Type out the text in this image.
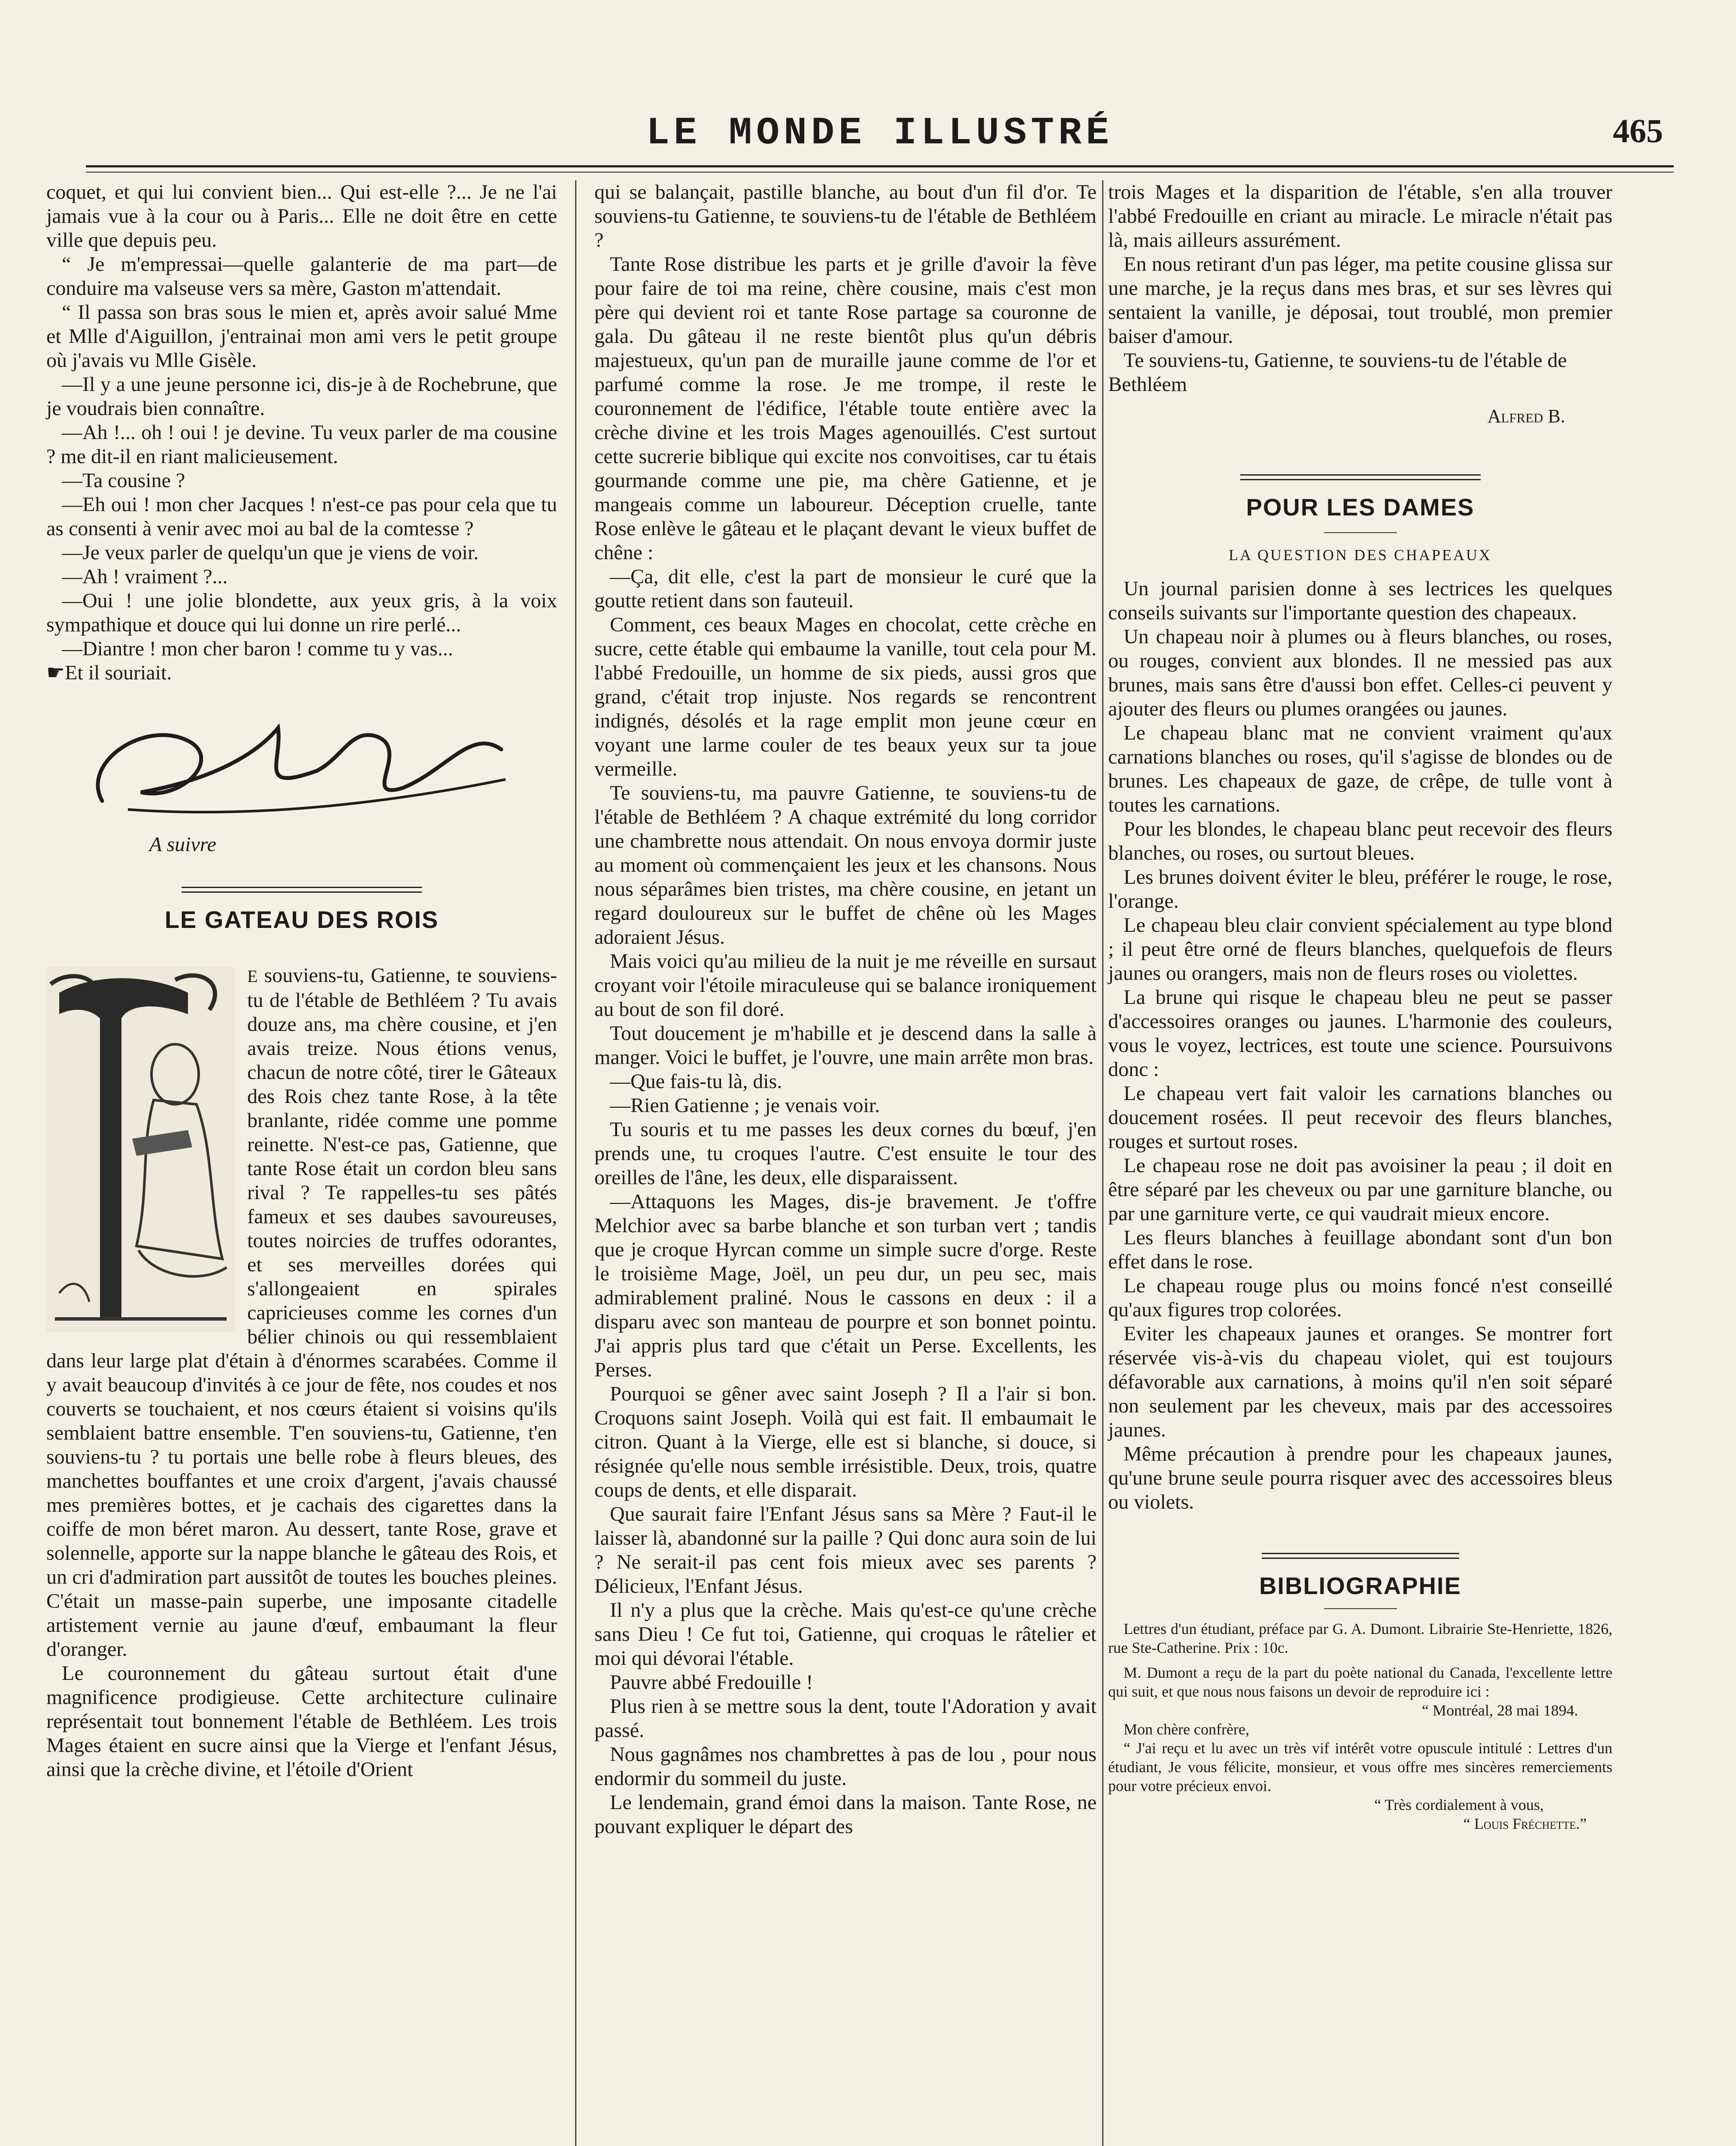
LE MONDE ILLUSTRÉ	465

coquet, et qui lui convient bien... Qui est-elle ?... Je ne l'ai jamais vue à la cour ou à Paris... Elle ne doit être en cette ville que depuis peu.

“ Je m'empressai—quelle galanterie de ma part—de conduire ma valseuse vers sa mère, Gaston m'attendait.

“ Il passa son bras sous le mien et, après avoir salué Mme et Mlle d'Aiguillon, j'entrainai mon ami vers le petit groupe où j'avais vu Mlle Gisèle.

—Il y a une jeune personne ici, dis-je à de Rochebrune, que je voudrais bien connaître.

—Ah !... oh ! oui ! je devine. Tu veux parler de ma cousine ? me dit-il en riant malicieusement.

—Ta cousine ?

—Eh oui ! mon cher Jacques ! n'est-ce pas pour cela que tu as consenti à venir avec moi au bal de la comtesse ?

—Je veux parler de quelqu'un que je viens de voir.

—Ah ! vraiment ?...

—Oui ! une jolie blondette, aux yeux gris, à la voix sympathique et douce qui lui donne un rire perlé...

—Diantre ! mon cher baron ! comme tu y vas...

☛Et il souriait.

A suivre

LE GATEAU DES ROIS

E souviens-tu, Gatienne, te souviens-tu de l'étable de Bethléem ? Tu avais douze ans, ma chère cousine, et j'en avais treize. Nous étions venus, chacun de notre côté, tirer le Gâteaux des Rois chez tante Rose, à la tête branlante, ridée comme une pomme reinette. N'est-ce pas, Gatienne, que tante Rose était un cordon bleu sans rival ? Te rappelles-tu ses pâtés fameux et ses daubes savoureuses, toutes noircies de truffes odorantes, et ses merveilles dorées qui s'allongeaient en spirales capricieuses comme les cornes d'un bélier chinois ou qui ressemblaient dans leur large plat d'étain à d'énormes scarabées. Comme il y avait beaucoup d'invités à ce jour de fête, nos coudes et nos couverts se touchaient, et nos cœurs étaient si voisins qu'ils semblaient battre ensemble. T'en souviens-tu, Gatienne, t'en souviens-tu ? tu portais une belle robe à fleurs bleues, des manchettes bouffantes et une croix d'argent, j'avais chaussé mes premières bottes, et je cachais des cigarettes dans la coiffe de mon béret maron. Au dessert, tante Rose, grave et solennelle, apporte sur la nappe blanche le gâteau des Rois, et un cri d'admiration part aussitôt de toutes les bouches pleines. C'était un masse-pain superbe, une imposante citadelle artistement vernie au jaune d'œuf, embaumant la fleur d'oranger.

Le couronnement du gâteau surtout était d'une magnificence prodigieuse. Cette architecture culinaire représentait tout bonnement l'étable de Bethléem. Les trois Mages étaient en sucre ainsi que la Vierge et l'enfant Jésus, ainsi que la crèche divine, et l'étoile d'Orient

qui se balançait, pastille blanche, au bout d'un fil d'or. Te souviens-tu Gatienne, te souviens-tu de l'étable de Bethléem ?

Tante Rose distribue les parts et je grille d'avoir la fève pour faire de toi ma reine, chère cousine, mais c'est mon père qui devient roi et tante Rose partage sa couronne de gala. Du gâteau il ne reste bientôt plus qu'un débris majestueux, qu'un pan de muraille jaune comme de l'or et parfumé comme la rose. Je me trompe, il reste le couronnement de l'édifice, l'étable toute entière avec la crèche divine et les trois Mages agenouillés. C'est surtout cette sucrerie biblique qui excite nos convoitises, car tu étais gourmande comme une pie, ma chère Gatienne, et je mangeais comme un laboureur. Déception cruelle, tante Rose enlève le gâteau et le plaçant devant le vieux buffet de chêne :

—Ça, dit elle, c'est la part de monsieur le curé que la goutte retient dans son fauteuil.

Comment, ces beaux Mages en chocolat, cette crèche en sucre, cette étable qui embaume la vanille, tout cela pour M. l'abbé Fredouille, un homme de six pieds, aussi gros que grand, c'était trop injuste. Nos regards se rencontrent indignés, désolés et la rage emplit mon jeune cœur en voyant une larme couler de tes beaux yeux sur ta joue vermeille.

Te souviens-tu, ma pauvre Gatienne, te souviens-tu de l'étable de Bethléem ? A chaque extrémité du long corridor une chambrette nous attendait. On nous envoya dormir juste au moment où commençaient les jeux et les chansons. Nous nous séparâmes bien tristes, ma chère cousine, en jetant un regard douloureux sur le buffet de chêne où les Mages adoraient Jésus.

Mais voici qu'au milieu de la nuit je me réveille en sursaut croyant voir l'étoile miraculeuse qui se balance ironiquement au bout de son fil doré.

Tout doucement je m'habille et je descend dans la salle à manger. Voici le buffet, je l'ouvre, une main arrête mon bras.

—Que fais-tu là, dis.

—Rien Gatienne ; je venais voir.

Tu souris et tu me passes les deux cornes du bœuf, j'en prends une, tu croques l'autre. C'est ensuite le tour des oreilles de l'âne, les deux, elle disparaissent.

—Attaquons les Mages, dis-je bravement. Je t'offre Melchior avec sa barbe blanche et son turban vert ; tandis que je croque Hyrcan comme un simple sucre d'orge. Reste le troisième Mage, Joël, un peu dur, un peu sec, mais admirablement praliné. Nous le cassons en deux : il a disparu avec son manteau de pourpre et son bonnet pointu. J'ai appris plus tard que c'était un Perse. Excellents, les Perses.

Pourquoi se gêner avec saint Joseph ? Il a l'air si bon. Croquons saint Joseph. Voilà qui est fait. Il embaumait le citron. Quant à la Vierge, elle est si blanche, si douce, si résignée qu'elle nous semble irrésistible. Deux, trois, quatre coups de dents, et elle disparait.

Que saurait faire l'Enfant Jésus sans sa Mère ? Faut-il le laisser là, abandonné sur la paille ? Qui donc aura soin de lui ? Ne serait-il pas cent fois mieux avec ses parents ? Délicieux, l'Enfant Jésus.

Il n'y a plus que la crèche. Mais qu'est-ce qu'une crèche sans Dieu ! Ce fut toi, Gatienne, qui croquas le râtelier et moi qui dévorai l'étable.

Pauvre abbé Fredouille !

Plus rien à se mettre sous la dent, toute l'Adoration y avait passé.

Nous gagnâmes nos chambrettes à pas de lou , pour nous endormir du sommeil du juste.

Le lendemain, grand émoi dans la maison. Tante Rose, ne pouvant expliquer le départ des

trois Mages et la disparition de l'étable, s'en alla trouver l'abbé Fredouille en criant au miracle. Le miracle n'était pas là, mais ailleurs assurément.

En nous retirant d'un pas léger, ma petite cousine glissa sur une marche, je la reçus dans mes bras, et sur ses lèvres qui sentaient la vanille, je déposai, tout troublé, mon premier baiser d'amour.

Te souviens-tu, Gatienne, te souviens-tu de l'étable de Bethléem

Alfred B.
POUR LES DAMES
LA QUESTION DES CHAPEAUX

Un journal parisien donne à ses lectrices les quelques conseils suivants sur l'importante question des chapeaux.

Un chapeau noir à plumes ou à fleurs blanches, ou roses, ou rouges, convient aux blondes. Il ne messied pas aux brunes, mais sans être d'aussi bon effet. Celles-ci peuvent y ajouter des fleurs ou plumes orangées ou jaunes.

Le chapeau blanc mat ne convient vraiment qu'aux carnations blanches ou roses, qu'il s'agisse de blondes ou de brunes. Les chapeaux de gaze, de crêpe, de tulle vont à toutes les carnations.

Pour les blondes, le chapeau blanc peut recevoir des fleurs blanches, ou roses, ou surtout bleues.

Les brunes doivent éviter le bleu, préférer le rouge, le rose, l'orange.

Le chapeau bleu clair convient spécialement au type blond ; il peut être orné de fleurs blanches, quelquefois de fleurs jaunes ou orangers, mais non de fleurs roses ou violettes.

La brune qui risque le chapeau bleu ne peut se passer d'accessoires oranges ou jaunes. L'harmonie des couleurs, vous le voyez, lectrices, est toute une science. Poursuivons donc :

Le chapeau vert fait valoir les carnations blanches ou doucement rosées. Il peut recevoir des fleurs blanches, rouges et surtout roses.

Le chapeau rose ne doit pas avoisiner la peau ; il doit en être séparé par les cheveux ou par une garniture blanche, ou par une garniture verte, ce qui vaudrait mieux encore.

Les fleurs blanches à feuillage abondant sont d'un bon effet dans le rose.

Le chapeau rouge plus ou moins foncé n'est conseillé qu'aux figures trop colorées.

Eviter les chapeaux jaunes et oranges. Se montrer fort réservée vis-à-vis du chapeau violet, qui est toujours défavorable aux carnations, à moins qu'il n'en soit séparé non seulement par les cheveux, mais par des accessoires jaunes.

Même précaution à prendre pour les chapeaux jaunes, qu'une brune seule pourra risquer avec des accessoires bleus ou violets.

BIBLIOGRAPHIE

Lettres d'un étudiant, préface par G. A. Dumont. Librairie Ste-Henriette, 1826, rue Ste-Catherine. Prix : 10c.

M. Dumont a reçu de la part du poète national du Canada, l'excellente lettre qui suit, et que nous nous faisons un devoir de reproduire ici :

“ Montréal, 28 mai 1894.

Mon chère confrère,

“ J'ai reçu et lu avec un très vif intérêt votre opuscule intitulé : Lettres d'un étudiant, Je vous félicite, monsieur, et vous offre mes sincères remerciements pour votre précieux envoi.

“ Très cordialement à vous,

“ Louis Fréchette.”
